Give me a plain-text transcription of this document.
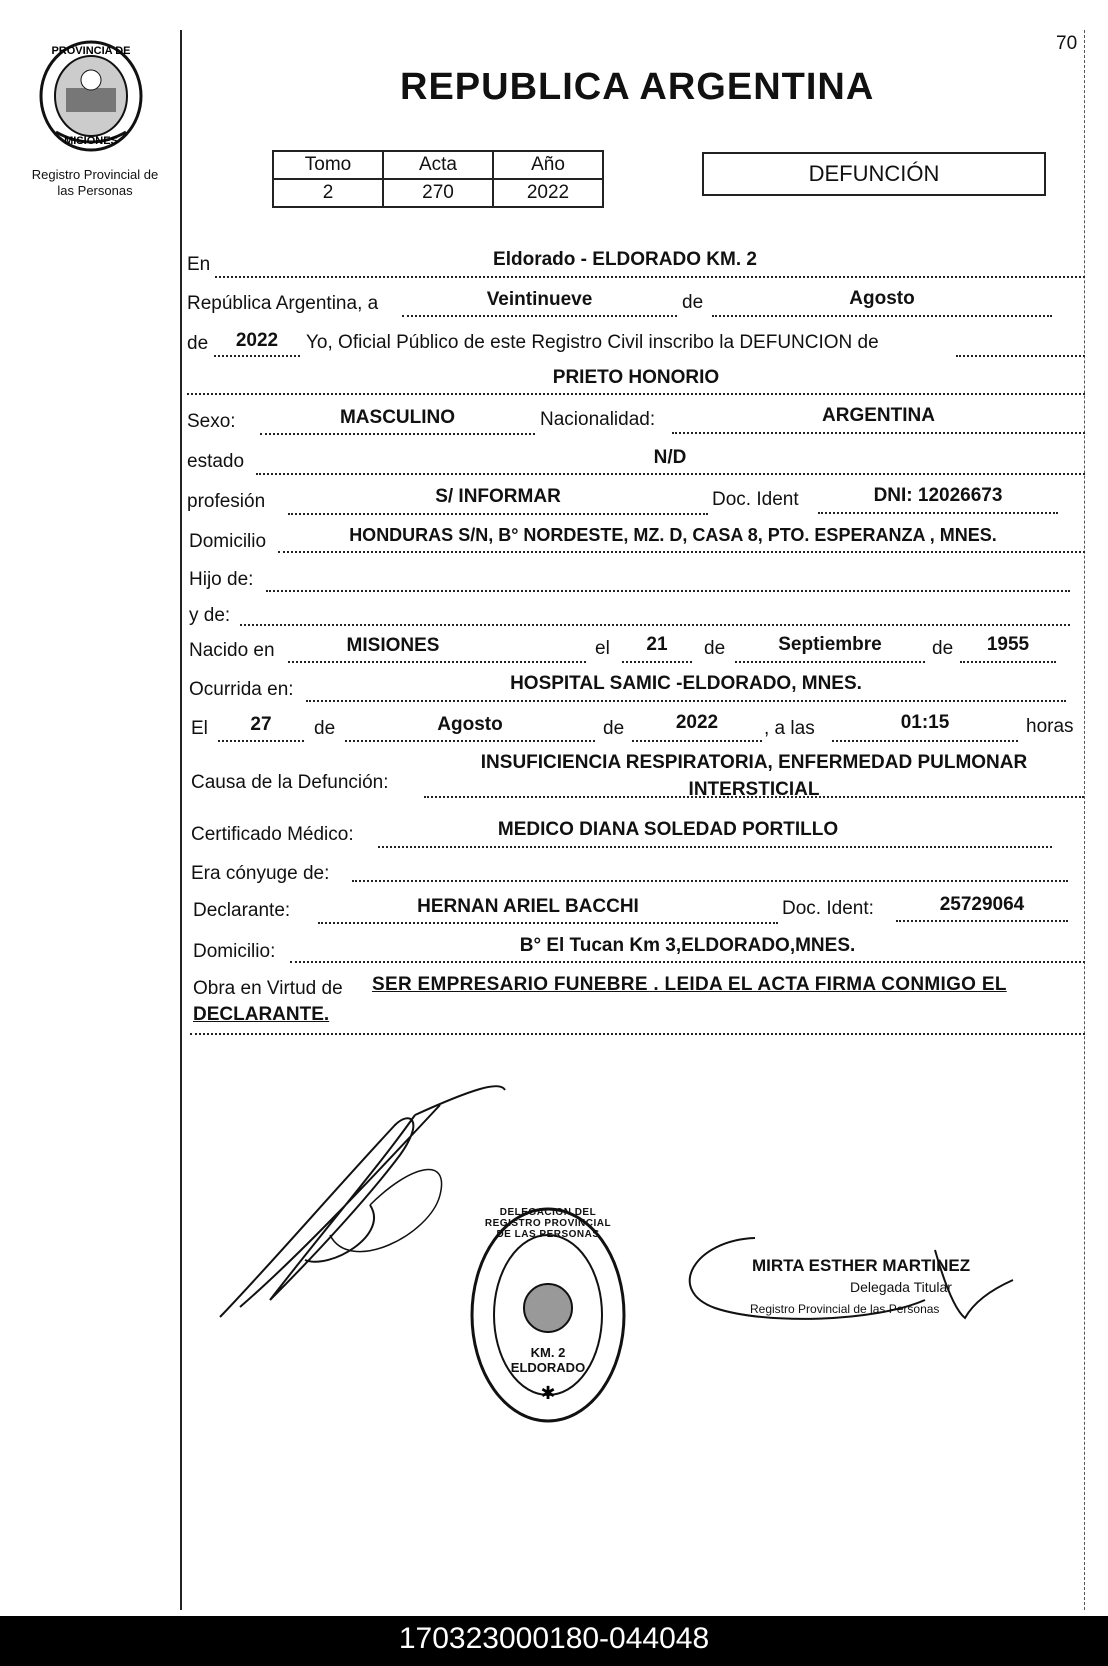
PROVINCIA DE
MISIONES
Registro Provincial de
las Personas
70
REPUBLICA ARGENTINA
Tomo	Acta	Año
2	270	2022
DEFUNCIÓN
En	Eldorado - ELDORADO KM. 2
República Argentina, a	Veintinueve	de	Agosto
de	2022	Yo, Oficial Público de este Registro Civil inscribo la DEFUNCION de
PRIETO HONORIO
Sexo:	MASCULINO	Nacionalidad:	ARGENTINA
estado	N/D
profesión	S/ INFORMAR	Doc. Ident	DNI: 12026673
Domicilio	HONDURAS S/N, B° NORDESTE, MZ. D, CASA 8, PTO. ESPERANZA , MNES.
Hijo de:
y de:
Nacido en	MISIONES	el	21	de	Septiembre	de	1955
Ocurrida en:	HOSPITAL SAMIC -ELDORADO, MNES.
El	27	de	Agosto	de	2022	, a las	01:15	horas
Causa de la Defunción:
INSUFICIENCIA RESPIRATORIA, ENFERMEDAD PULMONAR
INTERSTICIAL
Certificado Médico:	MEDICO DIANA SOLEDAD PORTILLO
Era cónyuge de:
Declarante:	HERNAN ARIEL BACCHI	Doc. Ident:	25729064
Domicilio:	B° El Tucan Km 3,ELDORADO,MNES.
Obra en Virtud de SER EMPRESARIO FUNEBRE . LEIDA EL ACTA FIRMA CONMIGO EL
DECLARANTE.
✱
DELEGACION DEL REGISTRO PROVINCIAL DE LAS PERSONAS
KM. 2 ELDORADO
MIRTA ESTHER MARTINEZ
Delegada Titular
Registro Provincial de las Personas
170323000180-044048
